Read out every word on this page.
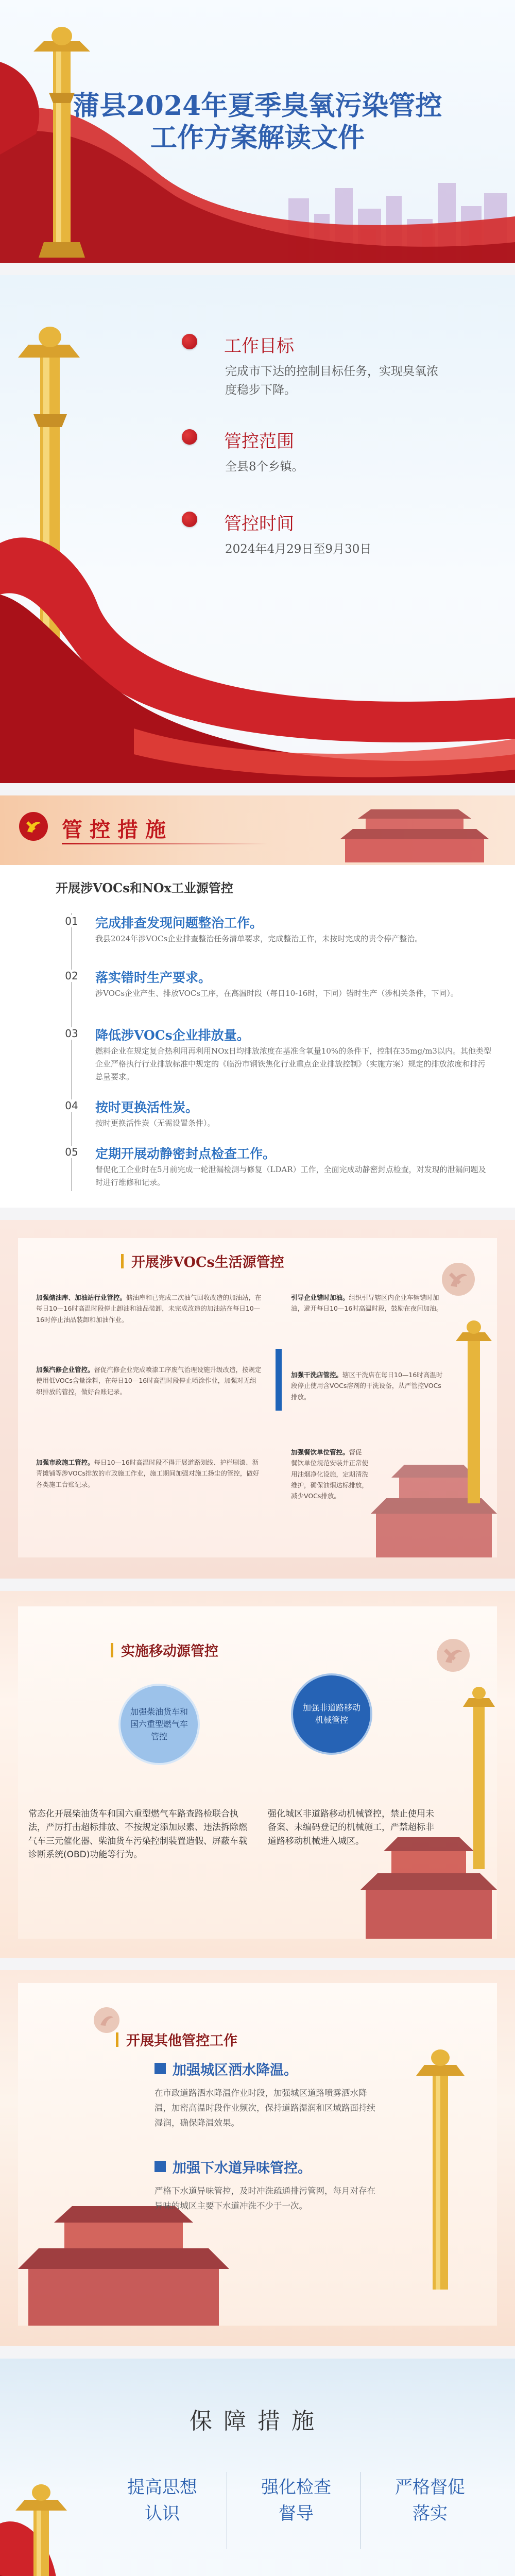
蒲县2024年夏季臭氧污染管控
工作方案解读文件
工作目标
完成市下达的控制目标任务，实现臭氧浓度稳步下降。
管控范围
全县8个乡镇。
管控时间
2024年4月29日至9月30日
管控措施
开展涉VOCs和NOx工业源管控
01 完成排查发现问题整治工作。
我县2024年涉VOCs企业排查整治任务清单要求，完成整治工作，未按时完成的责令停产整治。
02 落实错时生产要求。
涉VOCs企业产生、排放VOCs工序，在高温时段（每日10-16时，下同）错时生产（涉相关条件，下同）。
03 降低涉VOCs企业排放量。
燃料企业在规定复合热利用再利用NOx日均排放浓度在基准含氧量10%的条件下，控制在35mg/m3以内。其他类型企业严格执行行业排放标准中规定的《临汾市钢铁焦化行业重点企业排放控制》（实施方案）规定的排放浓度和排污总量要求。
04 按时更换活性炭。
按时更换活性炭（无需设置条件）。
05 定期开展动静密封点检查工作。
督促化工企业时在5月前完成一轮泄漏检测与修复（LDAR）工作，全面完成动静密封点检查，对发现的泄漏问题及时进行维修和记录。
开展涉VOCs生活源管控
加强储油库、加油站行业管控。储油库和已完成二次油气回收改造的加油站，在每日10—16时高温时段停止卸油和油品装卸，未完成改造的加油站在每日10—16时停止油品装卸和加油作业。
加强汽修企业管控。督促汽修企业完成喷漆工序废气治理设施升级改造，按规定使用低VOCs含量涂料，在每日10—16时高温时段停止喷涂作业，加强对无组织排放的管控，做好台账记录。
加强市政施工管控。每日10—16时高温时段不得开展道路划线、护栏刷漆、沥青摊铺等涉VOCs排放的市政施工作业，施工期间加强对施工扬尘的管控，做好各类施工台账记录。
引导企业错时加油。组织引导辖区内企业车辆错时加油，避开每日10—16时高温时段，鼓励在夜间加油。
加强干洗店管控。辖区干洗店在每日10—16时高温时段停止使用含VOCs溶剂的干洗设备，从严管控VOCs排放。
加强餐饮单位管控。督促餐饮单位规范安装并正常使用油烟净化设施，定期清洗维护，确保油烟达标排放，减少VOCs排放。
实施移动源管控
加强柴油货车和国六重型燃气车管控
加强非道路移动机械管控
常态化开展柴油货车和国六重型燃气车路查路检联合执法，严厉打击超标排放、不按规定添加尿素、违法拆除燃气车三元催化器、柴油货车污染控制装置造假、屏蔽车载诊断系统(OBD)功能等行为。
强化城区非道路移动机械管控，禁止使用未备案、未编码登记的机械施工，严禁超标非道路移动机械进入城区。
开展其他管控工作
加强城区洒水降温。
在市政道路洒水降温作业时段，加强城区道路喷雾洒水降温，加密高温时段作业频次，保持道路湿润和区域路面持续湿润，确保降温效果。
加强下水道异味管控。
严格下水道异味管控，及时冲洗疏通排污管网，每月对存在异味的城区主要下水道冲洗不少于一次。
保障措施
提高思想
认识
强化检查
督导
严格督促
落实
